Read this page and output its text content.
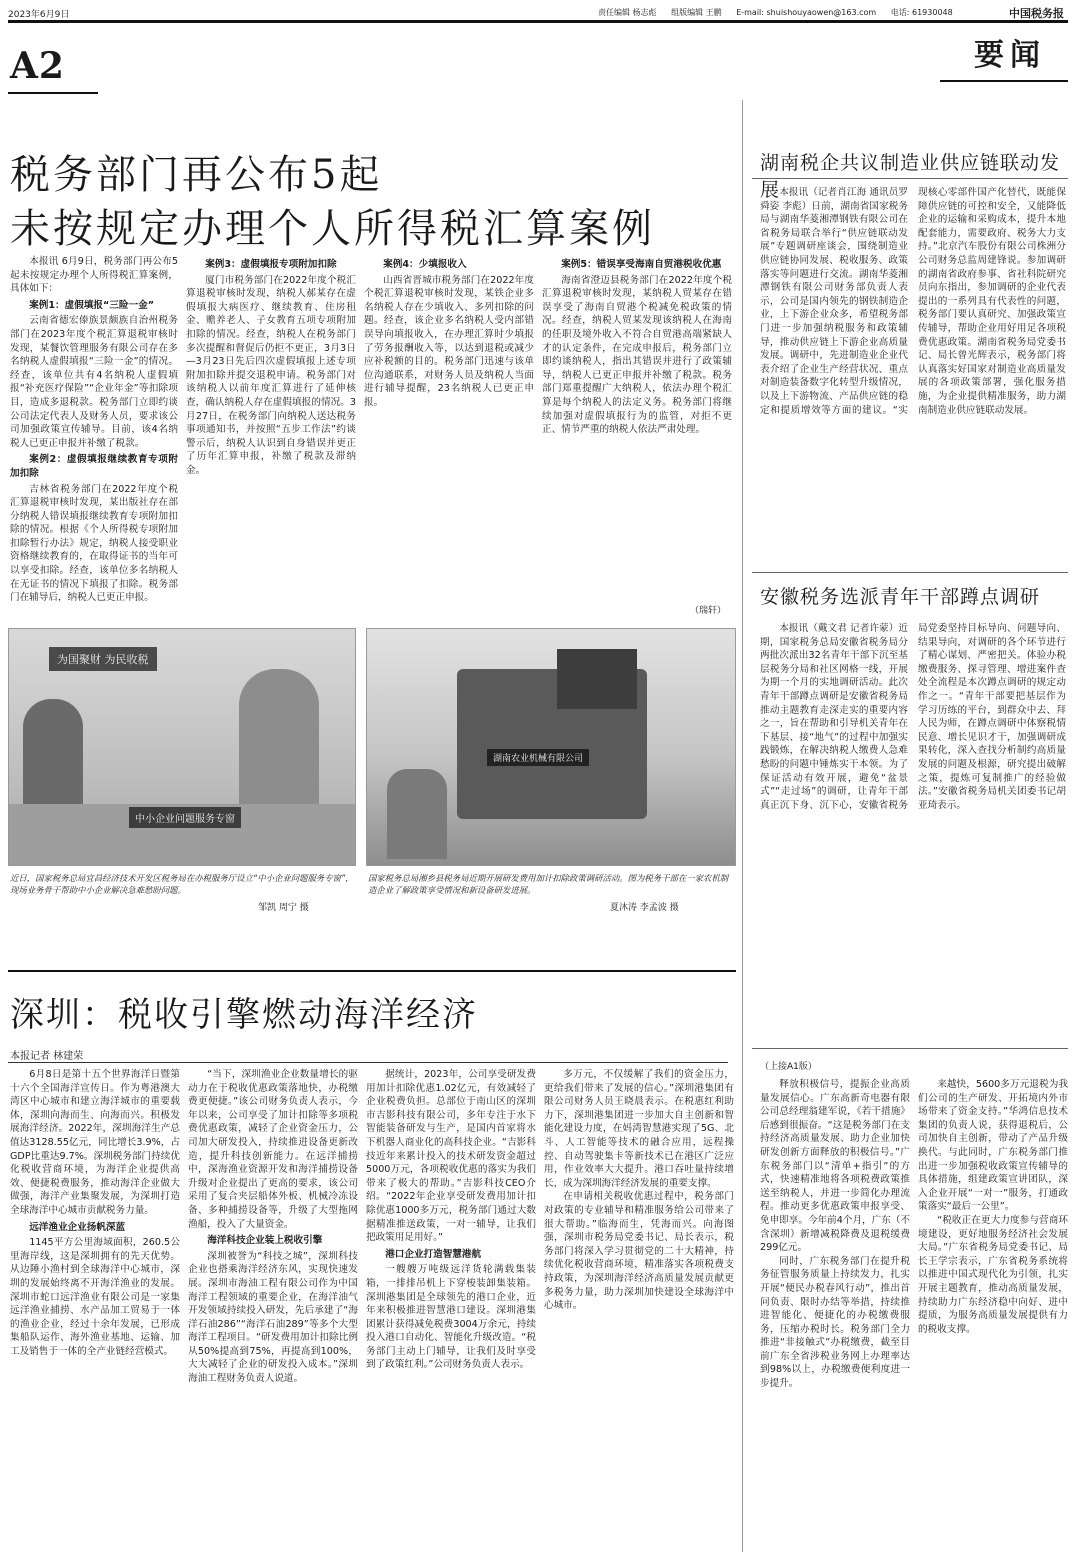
2023年6月9日	责任编辑 杨志彪 组版编辑 王鹏 E-mail: shuishouyaowen@163.com 电话: 61930048	中国税务报
A2	要闻
税务部门再公布5起
未按规定办理个人所得税汇算案例

本报讯 6月9日，税务部门再公布5起未按规定办理个人所得税汇算案例，具体如下：

案例1：虚假填报“三险一金”

云南省德宏傣族景颇族自治州税务部门在2023年度个税汇算退税审核时发现，某餐饮管理服务有限公司存在多名纳税人虚假填报“三险一金”的情况。经查，该单位共有4名纳税人虚假填报“补充医疗保险”“企业年金”等扣除项目，造成多退税款。税务部门立即约谈公司法定代表人及财务人员，要求该公司加强政策宣传辅导。目前，该4名纳税人已更正申报并补缴了税款。

案例2：虚假填报继续教育专项附加扣除

吉林省税务部门在2022年度个税汇算退税审核时发现，某出版社存在部分纳税人错误填报继续教育专项附加扣除的情况。根据《个人所得税专项附加扣除暂行办法》规定，纳税人接受职业资格继续教育的，在取得证书的当年可以享受扣除。经查，该单位多名纳税人在无证书的情况下填报了扣除。税务部门在辅导后，纳税人已更正申报。

案例3：虚假填报专项附加扣除

厦门市税务部门在2022年度个税汇算退税审核时发现，纳税人郝某存在虚假填报大病医疗、继续教育、住房租金、赡养老人、子女教育五项专项附加扣除的情况。经查，纳税人在税务部门多次提醒和督促后仍拒不更正，3月3日—3月23日先后四次虚假填报上述专项附加扣除并提交退税申请。税务部门对该纳税人以前年度汇算进行了延伸核查，确认纳税人存在虚假填报的情况。3月27日，在税务部门向纳税人送达税务事项通知书，并按照“五步工作法”约谈警示后，纳税人认识到自身错误并更正了历年汇算申报，补缴了税款及滞纳金。

案例4：少填报收入

山西省晋城市税务部门在2022年度个税汇算退税审核时发现，某铁企业多名纳税人存在少填收入、多列扣除的问题。经查，该企业多名纳税人受内部错误导向填报收入，在办理汇算时少填报了劳务报酬收入等，以达到退税或减少应补税额的目的。税务部门迅速与该单位沟通联系，对财务人员及纳税人当面进行辅导提醒，23名纳税人已更正申报。

案例5：错误享受海南自贸港税收优惠

海南省澄迈县税务部门在2022年度个税汇算退税审核时发现，某纳税人贸某存在错误享受了海南自贸港个税减免税政策的情况。经查，纳税人贸某发现该纳税人在海南的任职及境外收入不符合自贸港高端紧缺人才的认定条件，在完成申报后，税务部门立即约谈纳税人，指出其错误并进行了政策辅导，纳税人已更正申报并补缴了税款。税务部门郑重提醒广大纳税人，依法办理个税汇算是每个纳税人的法定义务。税务部门将继续加强对虚假填报行为的监管，对拒不更正、情节严重的纳税人依法严肃处理。

（瑞轩）
湖南税企共议制造业供应链联动发展 本报讯（记者肖江海 通讯员罗舜姿 李彪）日前，湖南省国家税务局与湖南华菱湘潭钢铁有限公司在省税务局联合举行“供应链联动发展”专题调研座谈会，围绕制造业供应链协同发展、税收服务、政策落实等问题进行交流。湖南华菱湘潭钢铁有限公司财务部负责人表示，公司是国内领先的钢铁制造企业，上下游企业众多，希望税务部门进一步加强纳税服务和政策辅导，推动供应链上下游企业高质量发展。调研中，先进制造业企业代表介绍了企业生产经营状况、重点对制造装备数字化转型升级情况，以及上下游物流、产品供应链的稳定和提质增效等方面的建议。“实现核心零部件国产化替代，既能保障供应链的可控和安全，又能降低企业的运输和采购成本，提升本地配套能力，需要政府、税务大力支持。”北京汽车股份有限公司株洲分公司财务总监周建锋说。参加调研的湖南省政府参事、省社科院研究员向东指出，参加调研的企业代表提出的一系列具有代表性的问题，税务部门要认真研究、加强政策宣传辅导，帮助企业用好用足各项税费优惠政策。湖南省税务局党委书记、局长曾光辉表示，税务部门将认真落实好国家对制造业高质量发展的各项政策部署，强化服务措施，为企业提供精准服务，助力湖南制造业供应链联动发展。

安徽税务选派青年干部蹲点调研

本报讯（戴文君 记者许蒙）近期，国家税务总局安徽省税务局分两批次派出32名青年干部下沉至基层税务分局和社区网格一线，开展为期一个月的实地调研活动。此次青年干部蹲点调研是安徽省税务局推动主题教育走深走实的重要内容之一，旨在帮助和引导机关青年在下基层、接“地气”的过程中加强实践锻炼，在解决纳税人缴费人急难愁盼的问题中锤炼实干本领。为了保证活动有效开展，避免“盆景式”“走过场”的调研，让青年干部真正沉下身、沉下心，安徽省税务局党委坚持目标导向、问题导向、结果导向，对调研的各个环节进行了精心谋划、严密把关。体验办税缴费服务、探寻管理、增进案件查处全流程是本次蹲点调研的规定动作之一。“青年干部要把基层作为学习历练的平台，到群众中去、拜人民为师，在蹲点调研中体察税情民意、增长见识才干，加强调研成果转化，深入查找分析制约高质量发展的问题及根源，研究提出破解之策，提炼可复制推广的经验做法。”安徽省税务局机关团委书记胡亚琦表示。

为国聚财 为民收税
中小企业问题服务专窗
湖南农业机械有限公司
近日，国家税务总局宜昌经济技术开发区税务局在办税服务厅设立“中小企业问题服务专窗”，现场业务骨干帮助中小企业解决急难愁盼问题。
邹凯 周宁 摄
国家税务总局湘乡县税务局近期开展研发费用加计扣除政策调研活动。图为税务干部在一家农机制造企业了解政策享受情况和新设备研发进展。
夏沐涛 李孟波 摄
深圳：税收引擎燃动海洋经济
本报记者 林建荣

6月8日是第十五个世界海洋日暨第十六个全国海洋宣传日。作为粤港澳大湾区中心城市和建立海洋城市的重要载体，深圳向海而生、向海而兴。积极发展海洋经济。2022年，深圳海洋生产总值达3128.55亿元，同比增长3.9%，占GDP比重达9.7%。深圳税务部门持续优化税收营商环境，为海洋企业提供高效、便捷税费服务，推动海洋企业做大做强，海洋产业集聚发展，为深圳打造全球海洋中心城市贡献税务力量。

远洋渔业企业扬帆深蓝

1145平方公里海域面积，260.5公里海岸线，这是深圳拥有的先天优势。从边陲小渔村到全球海洋中心城市，深圳的发展始终离不开海洋渔业的发展。深圳市蛇口远洋渔业有限公司是一家集远洋渔业捕捞、水产品加工贸易于一体的渔业企业，经过十余年发展，已形成集船队运作、海外渔业基地、运输、加工及销售于一体的全产业链经营模式。

“当下，深圳渔业企业数量增长的驱动力在于税收优惠政策落地快，办税缴费更便捷。”该公司财务负责人表示，今年以来，公司享受了加计扣除等多项税费优惠政策，减轻了企业资金压力，公司加大研发投入，持续推进设备更新改造，提升科技创新能力。在远洋捕捞中，深海渔业资源开发和海洋捕捞设备升级对企业提出了更高的要求，该公司采用了复合夹层船体外板、机械冷冻设备、多种捕捞设备等，升级了大型拖网渔船，投入了大量资金。

海洋科技企业装上税收引擎

深圳被誉为“科技之城”，深圳科技企业也搭乘海洋经济东风，实现快速发展。深圳市海油工程有限公司作为中国海洋工程领域的重要企业，在海洋油气开发领域持续投入研发，先后承建了“海洋石油286”“海洋石油289”等多个大型海洋工程项目。“研发费用加计扣除比例从50%提高到75%，再提高到100%，大大减轻了企业的研发投入成本。”深圳海油工程财务负责人说道。

据统计，2023年，公司享受研发费用加计扣除优惠1.02亿元，有效减轻了企业税费负担。总部位于南山区的深圳市吉影科技有限公司，多年专注于水下智能装备研发与生产，是国内首家将水下机器人商业化的高科技企业。“吉影科技近年来累计投入的技术研发资金超过5000万元，各项税收优惠的落实为我们带来了极大的帮助。”吉影科技CEO介绍。“2022年企业享受研发费用加计扣除优惠1000多万元，税务部门通过大数据精准推送政策，一对一辅导，让我们把政策用足用好。”

港口企业打造智慧港航

一艘艘万吨级远洋货轮满载集装箱，一排排吊机上下穿梭装卸集装箱。深圳港集团是全球领先的港口企业，近年来积极推进智慧港口建设。深圳港集团累计获得减免税费3004万余元，持续投入港口自动化、智能化升级改造。“税务部门主动上门辅导，让我们及时享受到了政策红利。”公司财务负责人表示。

多万元，不仅缓解了我们的资金压力，更给我们带来了发展的信心。”深圳港集团有限公司财务人员王晓晨表示。在税惠红利助力下，深圳港集团进一步加大自主创新和智能化建设力度，在妈湾智慧港实现了5G、北斗、人工智能等技术的融合应用，远程操控、自动驾驶集卡等新技术已在港区广泛应用，作业效率大大提升。港口吞吐量持续增长，成为深圳海洋经济发展的重要支撑。

在申请相关税收优惠过程中，税务部门对政策的专业辅导和精准服务给公司带来了很大帮助。”临海而生，凭海而兴。向海图强，深圳市税务局党委书记、局长表示，税务部门将深入学习贯彻党的二十大精神，持续优化税收营商环境，精准落实各项税费支持政策，为深圳海洋经济高质量发展贡献更多税务力量，助力深圳加快建设全球海洋中心城市。

（上接A1版）

释放积极信号，提振企业高质量发展信心。广东高新奇电器有限公司总经理翁建军说，《若干措施》后感到很振奋。“这是税务部门在支持经济高质量发展、助力企业加快研发创新方面释放的积极信号。”广东税务部门以“清单+指引”的方式，快速精准地将各项税费政策推送至纳税人，并进一步简化办理流程。推动更多优惠政策申报享受、免申即享。今年前4个月，广东（不含深圳）新增减税降费及退税缓费299亿元。

同时，广东税务部门在提升税务征管服务质量上持续发力，扎实开展“便民办税春风行动”，推出首问负责、限时办结等举措，持续推进智能化、便捷化的办税缴费服务，压缩办税时长。税务部门全力推进“非接触式”办税缴费，截至目前广东全省涉税业务网上办理率达到98%以上，办税缴费便利度进一步提升。

来越快，5600多万元退税为我们公司的生产研发、开拓境内外市场带来了资金支持。”华鸿信息技术集团的负责人说，获得退税后，公司加快自主创新，带动了产品升级换代。与此同时，广东税务部门推出进一步加强税收政策宣传辅导的具体措施，组建政策宣讲团队，深入企业开展“一对一”服务，打通政策落实“最后一公里”。

“税收正在更大力度参与营商环境建设，更好地服务经济社会发展大局。”广东省税务局党委书记、局长王学宗表示，广东省税务系统将以推进中国式现代化为引领，扎实开展主题教育，推动高质量发展，持续助力广东经济稳中向好、进中提质，为服务高质量发展提供有力的税收支撑。
